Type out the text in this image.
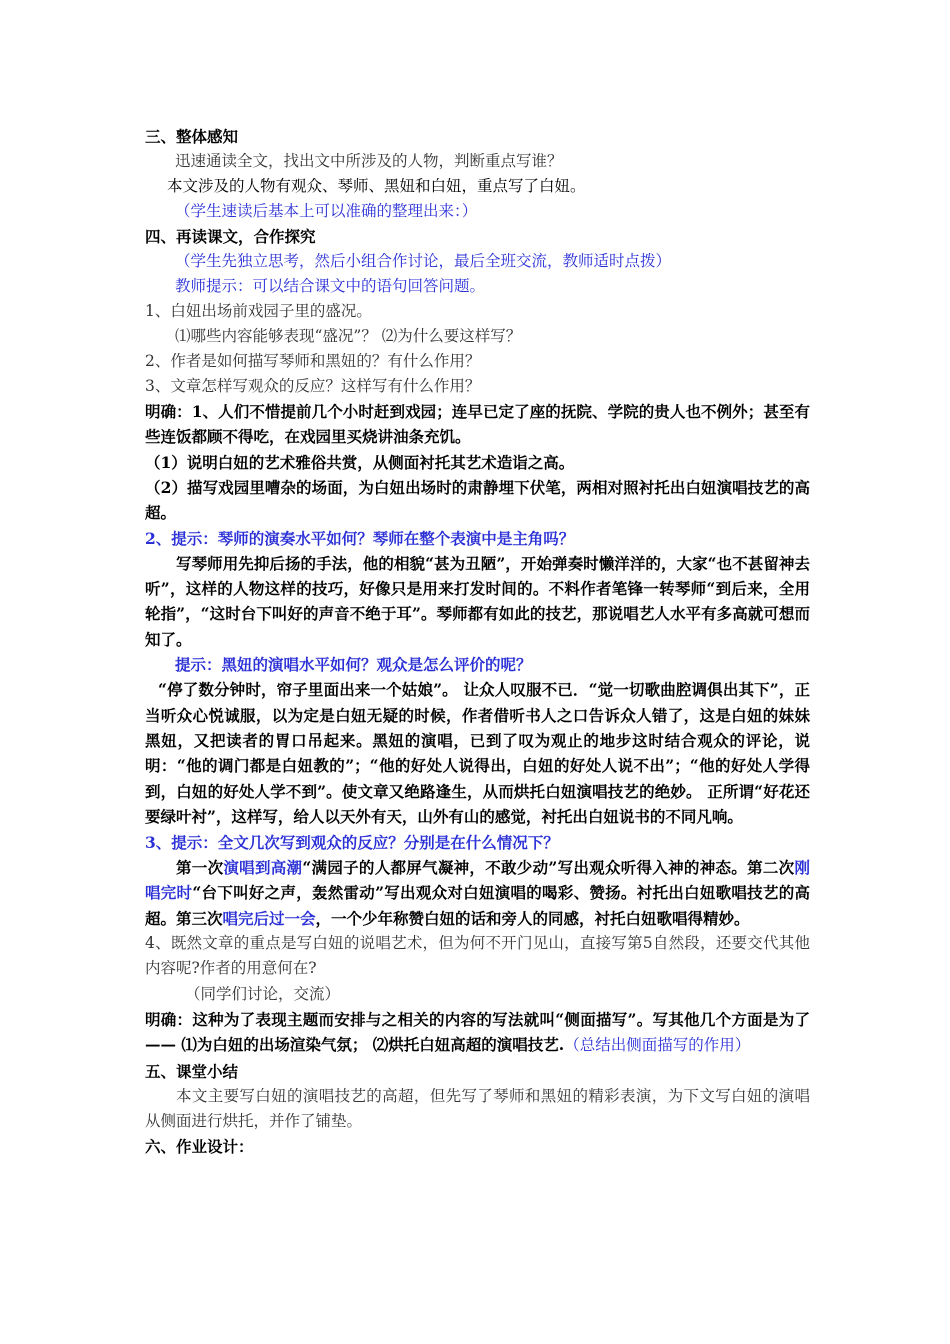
三、整体感知

迅速通读全文，找出文中所涉及的人物，判断重点写谁？

本文涉及的人物有观众、琴师、黑妞和白妞，重点写了白妞。

（学生速读后基本上可以准确的整理出来：）

四、再读课文，合作探究

（学生先独立思考，然后小组合作讨论，最后全班交流，教师适时点拨）

教师提示：可以结合课文中的语句回答问题。

1、白妞出场前戏园子里的盛况。

⑴哪些内容能够表现“盛况”？ ⑵为什么要这样写？

2、作者是如何描写琴师和黑妞的？有什么作用？

3、文章怎样写观众的反应？这样写有什么作用？

明确：1、人们不惜提前几个小时赶到戏园；连早已定了座的抚院、学院的贵人也不例外；甚至有些连饭都顾不得吃，在戏园里买烧讲油条充饥。

（1）说明白妞的艺术雅俗共赏，从侧面衬托其艺术造诣之高。

（2）描写戏园里嘈杂的场面，为白妞出场时的肃静埋下伏笔，两相对照衬托出白妞演唱技艺的高超。

2、提示：琴师的演奏水平如何？琴师在整个表演中是主角吗？

写琴师用先抑后扬的手法，他的相貌“甚为丑陋”，开始弹奏时懒洋洋的，大家“也不甚留神去听”，这样的人物这样的技巧，好像只是用来打发时间的。不料作者笔锋一转琴师“到后来，全用轮指”，“这时台下叫好的声音不绝于耳”。琴师都有如此的技艺，那说唱艺人水平有多高就可想而知了。

提示：黑妞的演唱水平如何？观众是怎么评价的呢？

“停了数分钟时，帘子里面出来一个姑娘”。 让众人叹服不已．“觉一切歌曲腔调俱出其下”，正当听众心悦诚服，以为定是白妞无疑的时候，作者借听书人之口告诉众人错了，这是白妞的妹妹黑妞，又把读者的胃口吊起来。黑妞的演唱，已到了叹为观止的地步这时结合观众的评论，说明：“他的调门都是白妞教的”；“他的好处人说得出，白妞的好处人说不出”；“他的好处人学得到，白妞的好处人学不到”。使文章又绝路逢生，从而烘托白妞演唱技艺的绝妙。 正所谓“好花还要绿叶衬”，这样写，给人以天外有天，山外有山的感觉，衬托出白妞说书的不同凡响。

3、提示：全文几次写到观众的反应？分别是在什么情况下？

第一次演唱到高潮“满园子的人都屏气凝神，不敢少动”写出观众听得入神的神态。第二次刚唱完时“台下叫好之声，轰然雷动”写出观众对白妞演唱的喝彩、赞扬。衬托出白妞歌唱技艺的高超。第三次唱完后过一会，一个少年称赞白妞的话和旁人的同感，衬托白妞歌唱得精妙。

4、既然文章的重点是写白妞的说唱艺术，但为何不开门见山，直接写第5自然段，还要交代其他内容呢?作者的用意何在?

（同学们讨论，交流）

明确：这种为了表现主题而安排与之相关的内容的写法就叫“侧面描写”。写其他几个方面是为了—— ⑴为白妞的出场渲染气氛； ⑵烘托白妞高超的演唱技艺.（总结出侧面描写的作用）

五、课堂小结

本文主要写白妞的演唱技艺的高超，但先写了琴师和黑妞的精彩表演，为下文写白妞的演唱从侧面进行烘托，并作了铺垫。

六、作业设计：
